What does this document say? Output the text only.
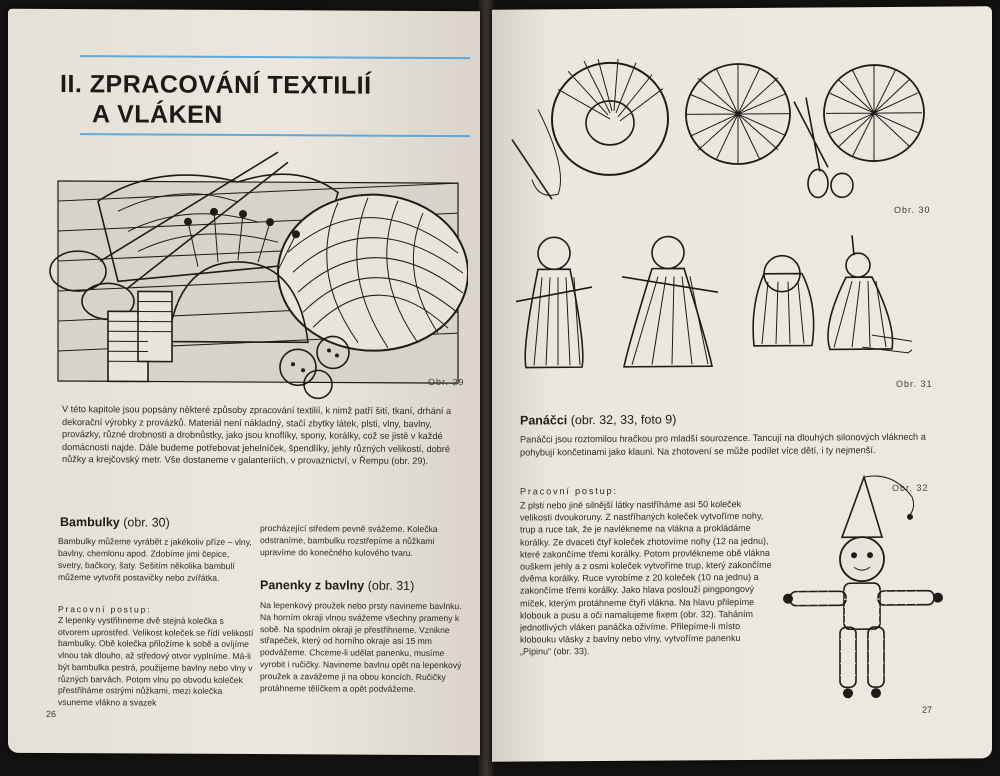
II. ZPRACOVÁNÍ TEXTILIÍ
A VLÁKEN
Obr. 29
V této kapitole jsou popsány některé způsoby zpracování textilií, k nimž patří šití, tkaní, drhání a dekorační výrobky z provázků. Materiál není nákladný, stačí zbytky látek, plsti, vlny, bavlny, provázky, různé drobnosti a drobnůstky, jako jsou knoflíky, spony, korálky, což se jistě v každé domácnosti najde. Dále budeme potřebovat jehelníček, špendlíky, jehly různých velikostí, dobré nůžky a krejčovský metr. Vše dostaneme v galanteriích, v provaznictví, v Řempu (obr. 29).
Bambulky (obr. 30)
Bambulky můžeme vyrábět z jakékoliv příze – vlny, bavlny, chemlonu apod. Zdobíme jimi čepice, svetry, bačkory, šaty. Sešitím několika bambulí můžeme vytvořit postavičky nebo zvířátka.
Pracovní postup:
Z lepenky vystřihneme dvě stejná kolečka s otvorem uprostřed. Velikost koleček se řídí velikostí bambulky. Obě kolečka přiložíme k sobě a ovíjíme vlnou tak dlouho, až středový otvor vyplníme. Má-li být bambulka pestrá, použijeme bavlny nebo vlny v různých barvách. Potom vlnu po obvodu koleček přestřiháme ostrými nůžkami, mezi kolečka vsuneme vlákno a svazek
procházející středem pevně svážeme. Kolečka odstraníme, bambulku rozstřepíme a nůžkami upravíme do konečného kulového tvaru.
Panenky z bavlny (obr. 31)
Na lepenkový proužek nebo prsty navineme bavlnku. Na horním okraji vlnou svážeme všechny prameny k sobě. Na spodním okraji je přestřihneme. Vznikne střapeček, který od horního okraje asi 15 mm podvážeme. Chceme-li udělat panenku, musíme vyrobit i ručičky. Navineme bavlnu opět na lepenkový proužek a zavážeme ji na obou koncích. Ručičky protáhneme tělíčkem a opět podvážeme.
26
Obr. 30
Obr. 31
Panáčci (obr. 32, 33, foto 9)
Panáčci jsou roztomilou hračkou pro mladší sourozence. Tancují na dlouhých silonových vláknech a pohybují končetinami jako klauni. Na zhotovení se může podílet více dětí, i ty nejmenší.
Pracovní postup:
Z plsti nebo jiné silnější látky nastříháme asi 50 koleček velikosti dvoukoruny. Z nastříhaných koleček vytvoříme nohy, trup a ruce tak, že je navlékneme na vlákna a prokládáme korálky. Ze dvaceti čtyř koleček zhotovíme nohy (12 na jednu), které zakončíme třemi korálky. Potom provlékneme obě vlákna ouškem jehly a z osmi koleček vytvoříme trup, který zakončíme dvěma korálky. Ruce vyrobíme z 20 koleček (10 na jednu) a zakončíme třemi korálky. Jako hlava poslouží pingpongový míček, kterým protáhneme čtyři vlákna. Na hlavu přilepíme klobouk a pusu a oči namalujeme fixem (obr. 32). Taháním jednotlivých vláken panáčka oživíme. Přilepíme-li místo klobouku vlásky z bavlny nebo vlny, vytvoříme panenku „Pipinu“ (obr. 33).
Obr. 32
27
